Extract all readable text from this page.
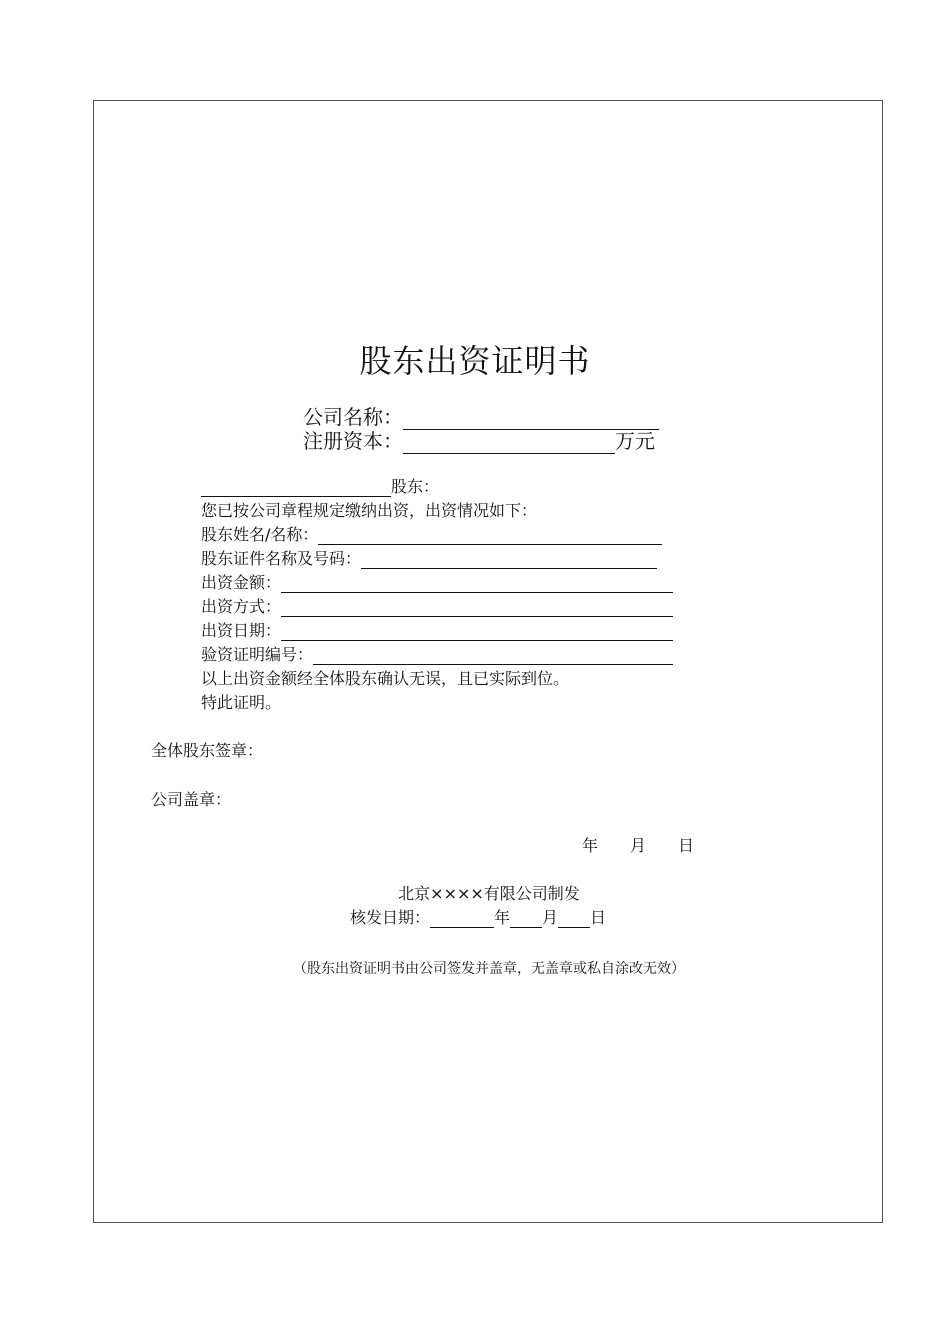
股东出资证明书
公司名称：
注册资本：	万元
股东：
您已按公司章程规定缴纳出资，出资情况如下：
股东姓名/名称：
股东证件名称及号码：
出资金额：
出资方式：
出资日期：
验资证明编号：
以上出资金额经全体股东确认无误，且已实际到位。
特此证明。
全体股东签章：
公司盖章：
年 月 日
北京××××有限公司制发
核发日期：	年 月 日
（股东出资证明书由公司签发并盖章，无盖章或私自涂改无效）
